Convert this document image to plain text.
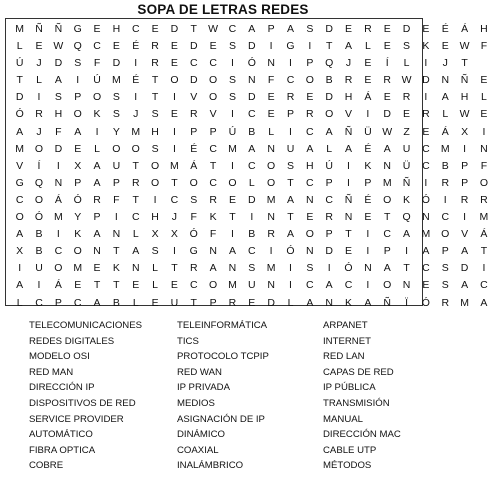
SOPA DE LETRAS REDES
M	Ñ	Ñ	G	E	H	C	E	D	T	W	C	A	P	A	S	D	E	R	E	D	E	É	Á	H
L	E	W Q	C	E	É	R	E	D	E	S	D	I	G	I	T	A	L	E	S	K	E	W	F
Ú	J	D	S	F	D	I	R	E	C	C	I	Ó	N	I	P	Q	J	E	Í	L	I	J	T
T	L	A	I	Ú	M	É	T	O	D	O	S	N	F	C	O	B	R	E	R	W	D	N	Ñ	E
D	I	S	P	O	S	I	T	I	V	O	S	D	E	R	E	D	H	Á	E	R	I	A	H	L
Ó	R	H	O	K	S	J	S	E	R	V	I	C	E	P	R	O	V	I	D	E	R	L	W	E
A	J	F	A	I	Y	M	H	I	P	P	Ú	B	L	I	C	A	Ñ	Ü	W	Z	E	Á	X	I
M	O	D	E	L	O	O	S	I	É	C	M	A	N	U	A	L	A	É	A	U	C	M	I	N
V	Í	I	X	A	U	T	O	M	Á	T	I	C	O	S	H	Ú	I	K	N	Ü	C	B	P	F
G	Q	N	P	A	P	R	O	T	O	C	O	L	O	T	C	P	I	P	M	Ñ	I	R	P	O
C	O	Á	Ó	R	F	T	I	C	S	R	E	D	M	A	N	C	Ñ	É	O	K	Ó	I	R	R
O	Ó	M	Y	P	I	C	H	J	F	K	T	I	N	T	E	R	N	E	T	Q	N	C	I	M
A	B	I	K	A	N	L	X	X	Ó	F	I	B	R	A	O	P	T	I	C	A	M	O	V	Á
X	B	C	O	N	T	A	S	I	G	N	A	C	I	Ó	N	D	E	I	P	I	A	P	A	T
I	U	O	M	E	K	N	L	T	R	A	N	S	M	I	S	I	Ó	N	A	T	C	S	D	I
A	I	Á	E	T	T	E	L	E	C	O	M	U	N	I	C	A	C	I	O	N	E	S	A	C
L	C	P	C	A	B	L	E	U	T	P	R	E	D	L	A	N	K	A	Ñ	Ï	Ó	R	M	A
TELECOMUNICACIONES
REDES DIGITALES
MODELO OSI
RED MAN
DIRECCIÓN IP
DISPOSITIVOS DE RED
SERVICE PROVIDER
AUTOMÁTICO
FIBRA OPTICA
COBRE
TELEINFORMÁTICA
TICS
PROTOCOLO TCPIP
RED WAN
IP PRIVADA
MEDIOS
ASIGNACIÓN DE IP
DINÁMICO
COAXIAL
INALÁMBRICO
ARPANET
INTERNET
RED LAN
CAPAS DE RED
IP PÚBLICA
TRANSMISIÓN
MANUAL
DIRECCIÓN MAC
CABLE UTP
MÉTODOS
